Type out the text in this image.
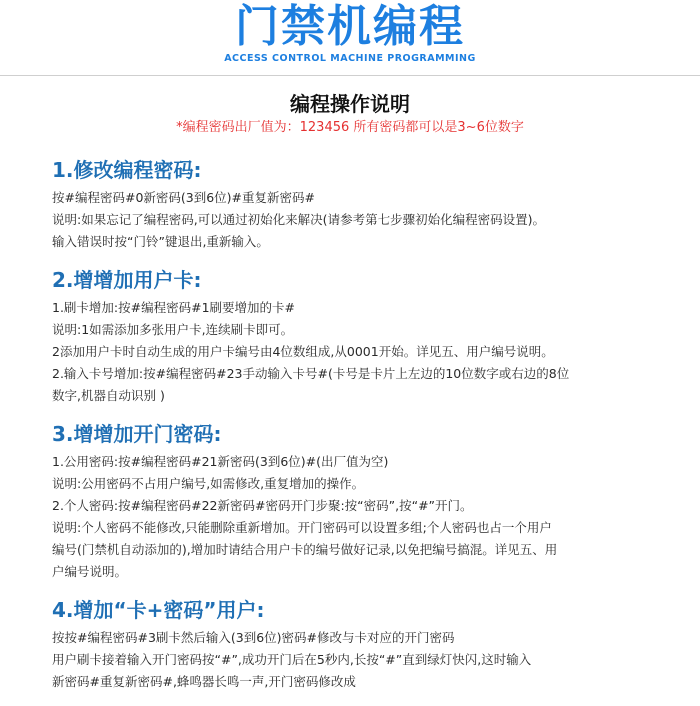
门禁机编程
ACCESS CONTROL MACHINE PROGRAMMING
编程操作说明
*编程密码出厂值为：123456 所有密码都可以是3~6位数字
1.修改编程密码:
按#编程密码#0新密码(3到6位)#重复新密码#
说明:如果忘记了编程密码,可以通过初始化来解决(请参考第七步骤初始化编程密码设置)。
输入错误时按“门铃”键退出,重新输入。
2.增增加用户卡:
1.刷卡增加:按#编程密码#1刷要增加的卡#
说明:1如需添加多张用户卡,连续刷卡即可。
2添加用户卡时自动生成的用户卡编号由4位数组成,从0001开始。详见五、用户编号说明。
2.输入卡号增加:按#编程密码#23手动输入卡号#(卡号是卡片上左边的10位数字或右边的8位
数字,机器自动识别 )
3.增增加开门密码:
1.公用密码:按#编程密码#21新密码(3到6位)#(出厂值为空)
说明:公用密码不占用户编号,如需修改,重复增加的操作。
2.个人密码:按#编程密码#22新密码#密码开门步聚:按“密码”,按“#”开门。
说明:个人密码不能修改,只能删除重新增加。开门密码可以设置多组;个人密码也占一个用户
编号(门禁机自动添加的),增加时请结合用户卡的编号做好记录,以免把编号搞混。详见五、用
户编号说明。
4.增加“卡+密码”用户:
按按#编程密码#3刷卡然后输入(3到6位)密码#修改与卡对应的开门密码
用户刷卡接着输入开门密码按“#”,成功开门后在5秒内,长按“#”直到绿灯快闪,这时输入
新密码#重复新密码#,蜂鸣器长鸣一声,开门密码修改成
